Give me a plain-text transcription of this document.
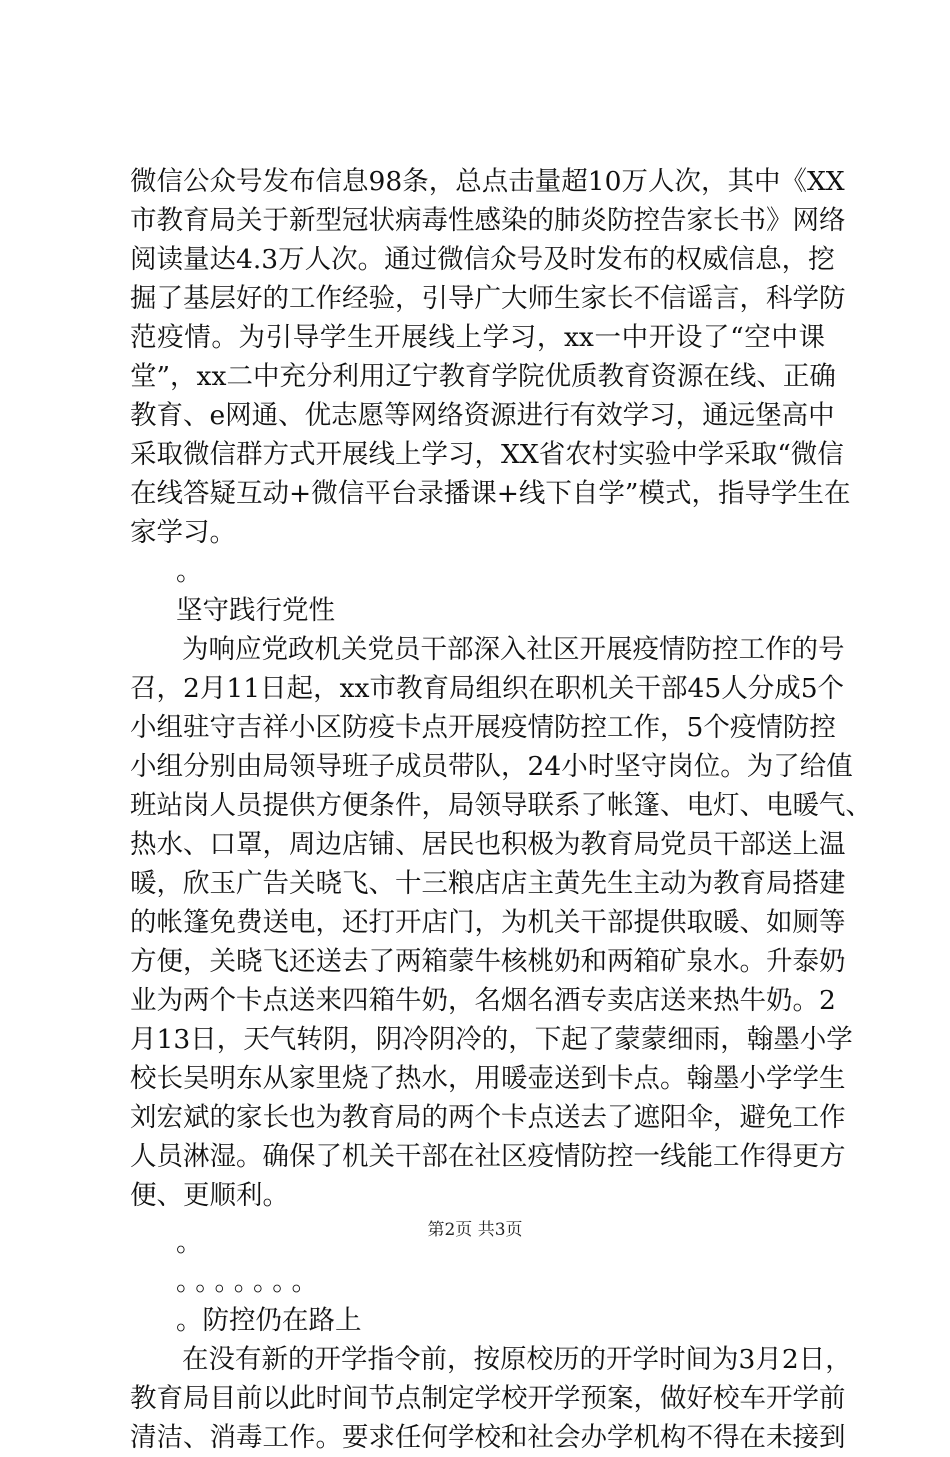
微信公众号发布信息98条，总点击量超10万人次，其中《XX
市教育局关于新型冠状病毒性感染的肺炎防控告家长书》网络
阅读量达4.3万人次。通过微信众号及时发布的权威信息，挖
掘了基层好的工作经验，引导广大师生家长不信谣言，科学防
范疫情。为引导学生开展线上学习，xx一中开设了“空中课
堂”，xx二中充分利用辽宁教育学院优质教育资源在线、正确
教育、e网通、优志愿等网络资源进行有效学习，通远堡高中
采取微信群方式开展线上学习，XX省农村实验中学采取“微信
在线答疑互动+微信平台录播课+线下自学”模式，指导学生在
家学习。

。

坚守践行党性

为响应党政机关党员干部深入社区开展疫情防控工作的号
召，2月11日起，xx市教育局组织在职机关干部45人分成5个
小组驻守吉祥小区防疫卡点开展疫情防控工作，5个疫情防控
小组分别由局领导班子成员带队，24小时坚守岗位。为了给值
班站岗人员提供方便条件，局领导联系了帐篷、电灯、电暖气、
热水、口罩，周边店铺、居民也积极为教育局党员干部送上温
暖，欣玉广告关晓飞、十三粮店店主黄先生主动为教育局搭建
的帐篷免费送电，还打开店门，为机关干部提供取暖、如厕等
方便，关晓飞还送去了两箱蒙牛核桃奶和两箱矿泉水。升泰奶
业为两个卡点送来四箱牛奶，名烟名酒专卖店送来热牛奶。2
月13日，天气转阴，阴冷阴冷的，下起了蒙蒙细雨，翰墨小学
校长吴明东从家里烧了热水，用暖壶送到卡点。翰墨小学学生
刘宏斌的家长也为教育局的两个卡点送去了遮阳伞，避免工作
人员淋湿。确保了机关干部在社区疫情防控一线能工作得更方
便、更顺利。

。

。。。。。。。

。防控仍在路上

在没有新的开学指令前，按原校历的开学时间为3月2日，
教育局目前以此时间节点制定学校开学预案，做好校车开学前
清洁、消毒工作。要求任何学校和社会办学机构不得在未接到
第2页 共3页
